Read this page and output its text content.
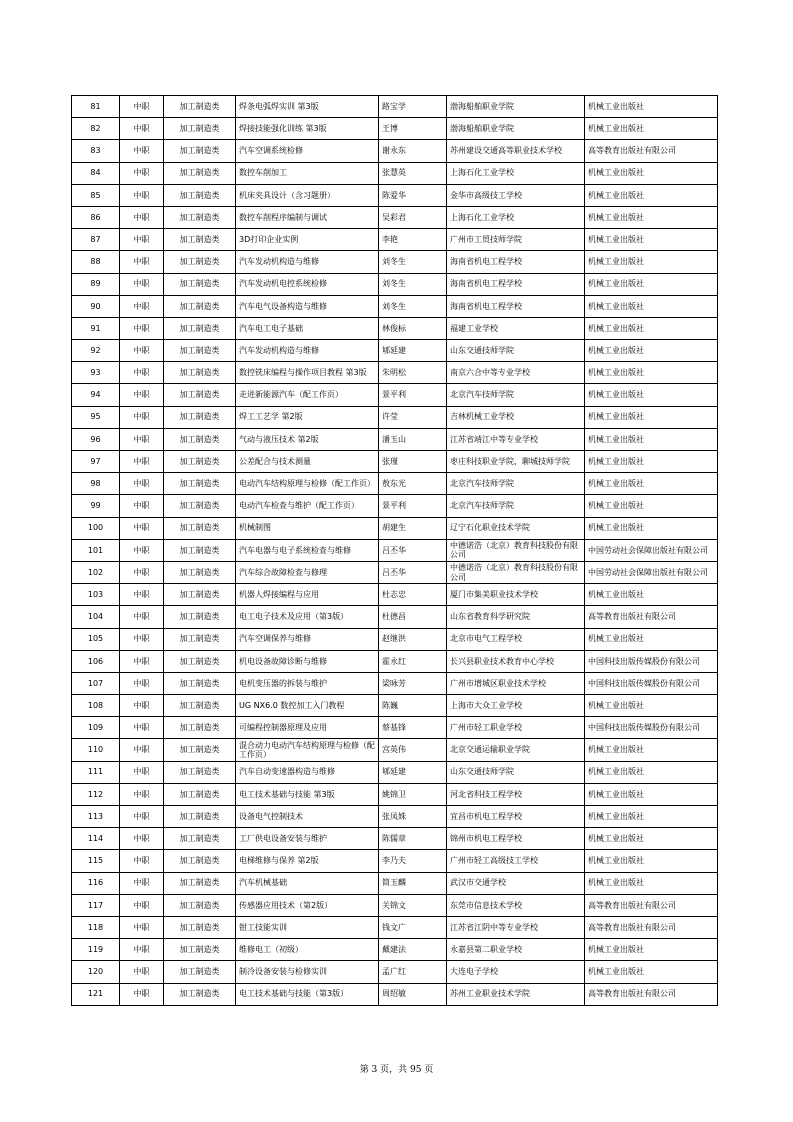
81	中职	加工制造类	焊条电弧焊实训 第3版	路宝学	渤海船舶职业学院	机械工业出版社
82	中职	加工制造类	焊接技能强化训练 第3版	王博	渤海船舶职业学院	机械工业出版社
83	中职	加工制造类	汽车空调系统检修	谢永东	苏州建设交通高等职业技术学校	高等教育出版社有限公司
84	中职	加工制造类	数控车削加工	张慧英	上海石化工业学校	机械工业出版社
85	中职	加工制造类	机床夹具设计（含习题册）	陈爱华	金华市高级技工学校	机械工业出版社
86	中职	加工制造类	数控车削程序编制与调试	吴彩君	上海石化工业学校	机械工业出版社
87	中职	加工制造类	3D打印企业实例	李艳	广州市工贸技师学院	机械工业出版社
88	中职	加工制造类	汽车发动机构造与维修	刘冬生	海南省机电工程学校	机械工业出版社
89	中职	加工制造类	汽车发动机电控系统检修	刘冬生	海南省机电工程学校	机械工业出版社
90	中职	加工制造类	汽车电气设备构造与维修	刘冬生	海南省机电工程学校	机械工业出版社
91	中职	加工制造类	汽车电工电子基础	林俊标	福建工业学校	机械工业出版社
92	中职	加工制造类	汽车发动机构造与维修	郇延建	山东交通技师学院	机械工业出版社
93	中职	加工制造类	数控铣床编程与操作项目教程 第3版	朱明松	南京六合中等专业学校	机械工业出版社
94	中职	加工制造类	走进新能源汽车（配工作页）	景平利	北京汽车技师学院	机械工业出版社
95	中职	加工制造类	焊工工艺学 第2版	许莹	吉林机械工业学校	机械工业出版社
96	中职	加工制造类	气动与液压技术 第2版	潘玉山	江苏省靖江中等专业学校	机械工业出版社
97	中职	加工制造类	公差配合与技术测量	张瑾	枣庄科技职业学院，聊城技师学院	机械工业出版社
98	中职	加工制造类	电动汽车结构原理与检修（配工作页）	敖东光	北京汽车技师学院	机械工业出版社
99	中职	加工制造类	电动汽车检查与维护（配工作页）	景平利	北京汽车技师学院	机械工业出版社
100	中职	加工制造类	机械制图	胡建生	辽宁石化职业技术学院	机械工业出版社
101	中职	加工制造类	汽车电器与电子系统检查与维修	吕丕华	中德诺浩（北京）教育科技股份有限公司	中国劳动社会保障出版社有限公司
102	中职	加工制造类	汽车综合故障检查与修理	吕丕华	中德诺浩（北京）教育科技股份有限公司	中国劳动社会保障出版社有限公司
103	中职	加工制造类	机器人焊接编程与应用	杜志忠	厦门市集美职业技术学校	机械工业出版社
104	中职	加工制造类	电工电子技术及应用（第3版）	杜德昌	山东省教育科学研究院	高等教育出版社有限公司
105	中职	加工制造类	汽车空调保养与维修	赵继洪	北京市电气工程学校	机械工业出版社
106	中职	加工制造类	机电设备故障诊断与维修	霍永红	长兴县职业技术教育中心学校	中国科技出版传媒股份有限公司
107	中职	加工制造类	电机变压器的拆装与维护	梁咏芳	广州市增城区职业技术学校	中国科技出版传媒股份有限公司
108	中职	加工制造类	UG NX6.0 数控加工入门教程	陈巍	上海市大众工业学校	机械工业出版社
109	中职	加工制造类	可编程控制器原理及应用	蔡基锋	广州市轻工职业学校	中国科技出版传媒股份有限公司
110	中职	加工制造类	混合动力电动汽车结构原理与检修（配工作页）	宫英伟	北京交通运输职业学院	机械工业出版社
111	中职	加工制造类	汽车自动变速器构造与维修	郇延建	山东交通技师学院	机械工业出版社
112	中职	加工制造类	电工技术基础与技能 第3版	姚锦卫	河北省科技工程学校	机械工业出版社
113	中职	加工制造类	设备电气控制技术	张凤姝	宜昌市机电工程学校	机械工业出版社
114	中职	加工制造类	工厂供电设备安装与维护	陈儒章	锦州市机电工程学校	机械工业出版社
115	中职	加工制造类	电梯维修与保养 第2版	李乃夫	广州市轻工高级技工学校	机械工业出版社
116	中职	加工制造类	汽车机械基础	简玉麟	武汉市交通学校	机械工业出版社
117	中职	加工制造类	传感器应用技术（第2版）	关锦文	东莞市信息技术学校	高等教育出版社有限公司
118	中职	加工制造类	钳工技能实训	钱文广	江苏省江阴中等专业学校	高等教育出版社有限公司
119	中职	加工制造类	维修电工（初级）	戴建法	永嘉县第二职业学校	机械工业出版社
120	中职	加工制造类	制冷设备安装与检修实训	孟广红	大连电子学校	机械工业出版社
121	中职	加工制造类	电工技术基础与技能（第3版）	周绍敏	苏州工业职业技术学院	高等教育出版社有限公司
第 3 页，共 95 页
